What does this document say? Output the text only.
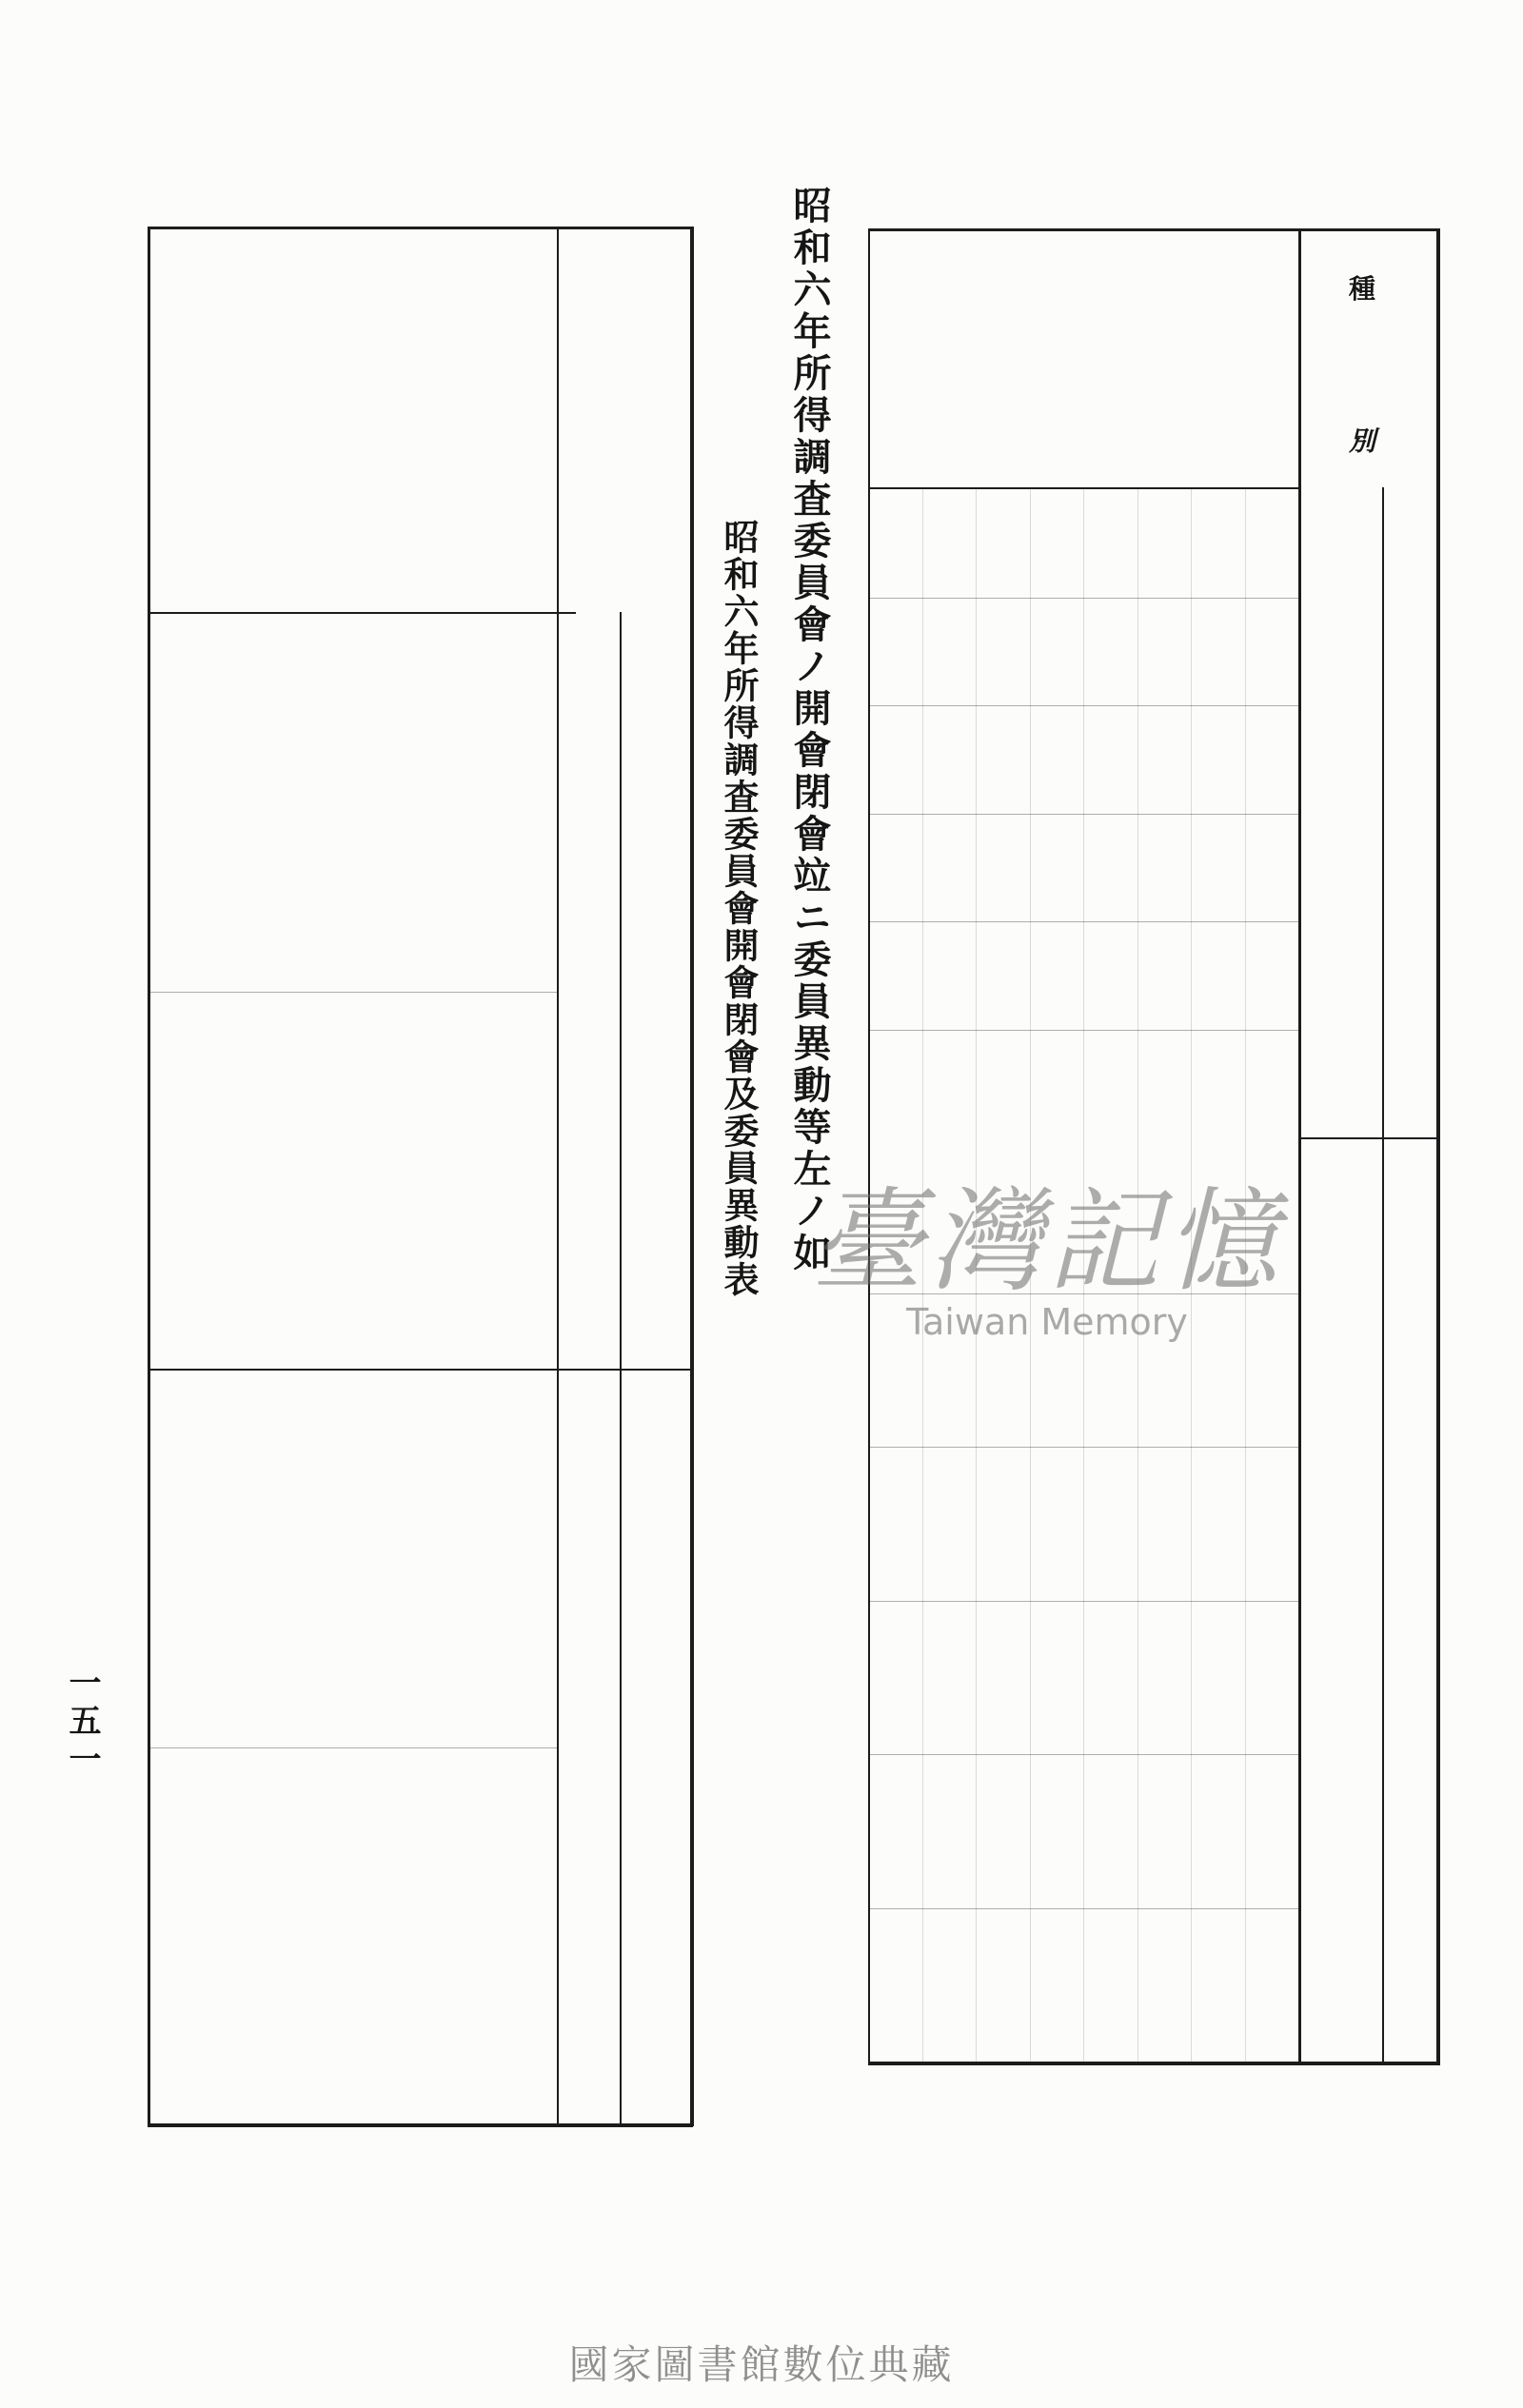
種
別
昭和六年所得調査委員會ノ開會閉會竝ニ委員異動等左ノ如
昭和六年所得調査委員會開會閉會及委員異動表
一五一
臺灣記憶
Taiwan Memory
國家圖書館數位典藏
